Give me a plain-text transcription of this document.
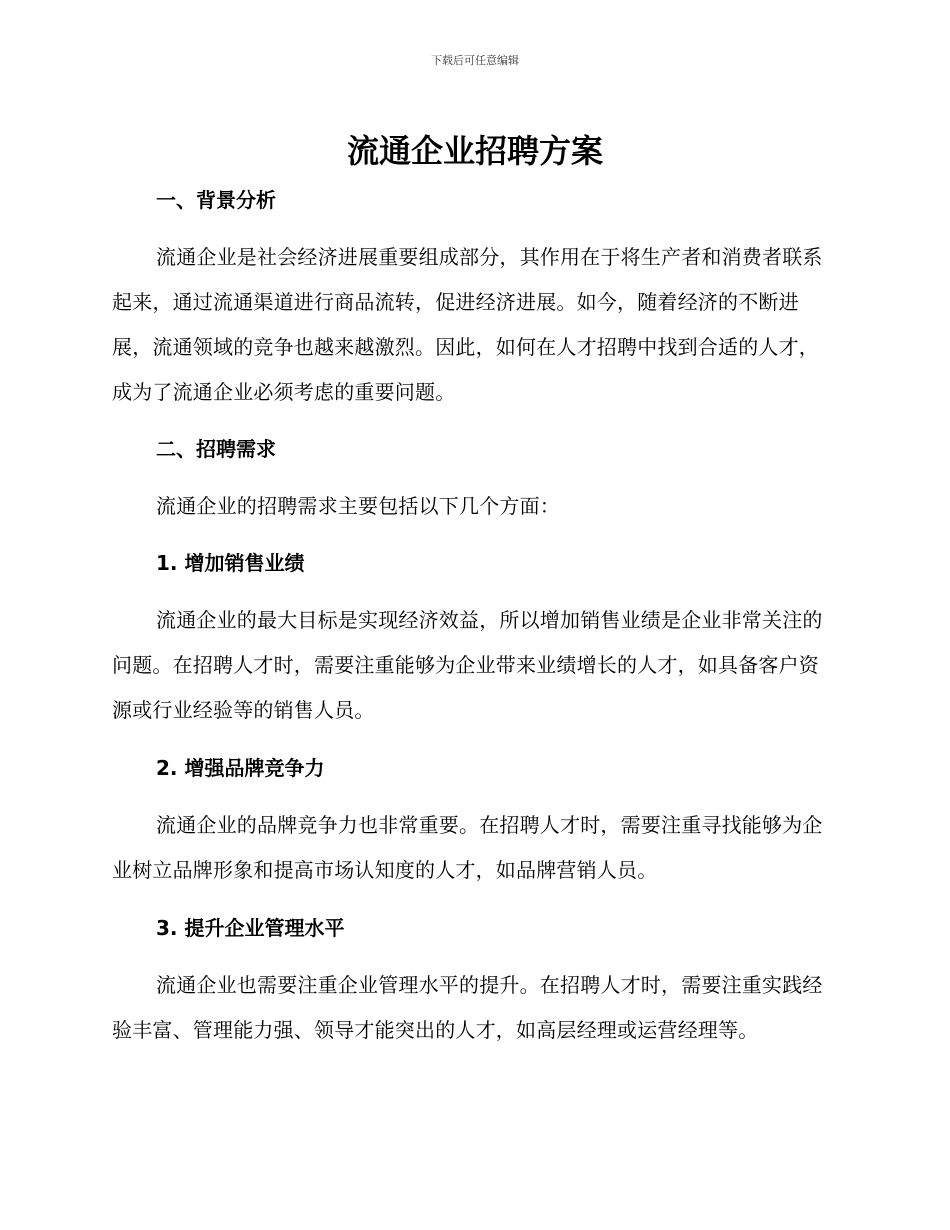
下载后可任意编辑
流通企业招聘方案
一、背景分析
流通企业是社会经济进展重要组成部分，其作用在于将生产者和消费者联系起来，通过流通渠道进行商品流转，促进经济进展。如今，随着经济的不断进展，流通领域的竞争也越来越激烈。因此，如何在人才招聘中找到合适的人才，成为了流通企业必须考虑的重要问题。
二、招聘需求
流通企业的招聘需求主要包括以下几个方面：
1. 增加销售业绩
流通企业的最大目标是实现经济效益，所以增加销售业绩是企业非常关注的问题。在招聘人才时，需要注重能够为企业带来业绩增长的人才，如具备客户资源或行业经验等的销售人员。
2. 增强品牌竞争力
流通企业的品牌竞争力也非常重要。在招聘人才时，需要注重寻找能够为企业树立品牌形象和提高市场认知度的人才，如品牌营销人员。
3. 提升企业管理水平
流通企业也需要注重企业管理水平的提升。在招聘人才时，需要注重实践经验丰富、管理能力强、领导才能突出的人才，如高层经理或运营经理等。
